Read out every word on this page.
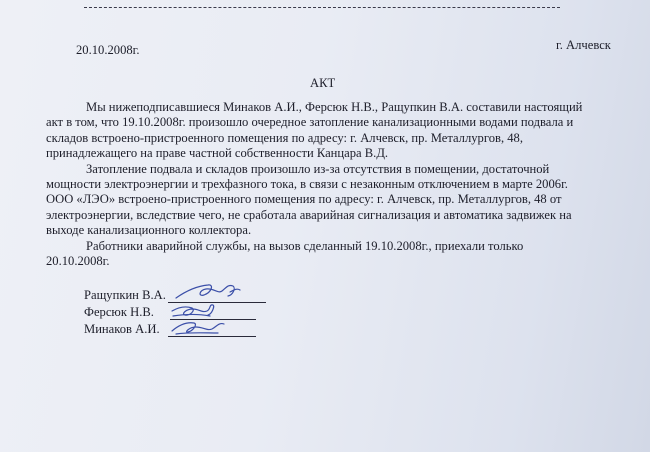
20.10.2008г.	г. Алчевск
АКТ
Мы нижеподписавшиеся Минаков А.И., Ферсюк Н.В., Ращупкин В.А. составили настоящий
акт в том, что 19.10.2008г. произошло очередное затопление канализационными водами подвала и
складов встроено-пристроенного помещения по адресу: г. Алчевск, пр. Металлургов, 48,
принадлежащего на праве частной собственности Канцара В.Д.
Затопление подвала и складов произошло из-за отсутствия в помещении, достаточной
мощности электроэнергии и трехфазного тока, в связи с незаконным отключением в марте 2006г.
ООО «ЛЭО» встроено-пристроенного помещения по адресу: г. Алчевск, пр. Металлургов, 48 от
электроэнергии, вследствие чего, не сработала аварийная сигнализация и автоматика задвижек на
выходе канализационного коллектора.
Работники аварийной службы, на вызов сделанный 19.10.2008г., приехали только
20.10.2008г.
Ращупкин В.А.
Ферсюк Н.В.
Минаков А.И.
